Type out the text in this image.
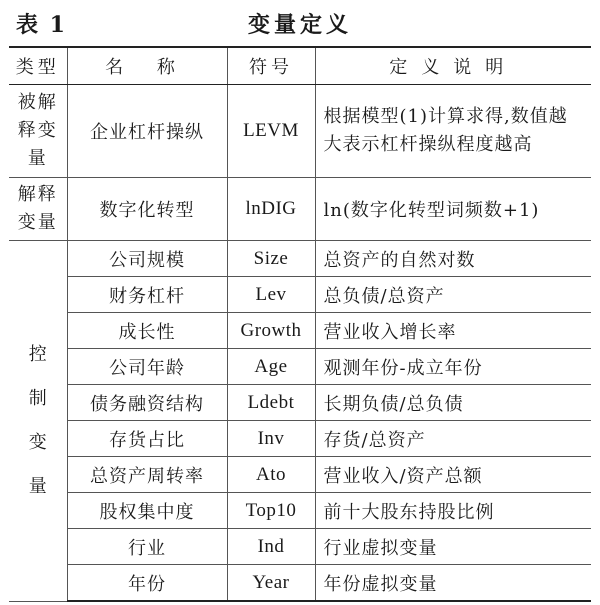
表 1	变量定义
类型	名 称	符号	定义说明
被解释变量	企业杠杆操纵	LEVM	根据模型(1)计算求得,数值越大表示杠杆操纵程度越高
解释变量	数字化转型	lnDIG	ln(数字化转型词频数+1)
控制变量	公司规模	Size	总资产的自然对数
	财务杠杆	Lev	总负债/总资产
	成长性	Growth	营业收入增长率
	公司年龄	Age	观测年份-成立年份
	债务融资结构	Ldebt	长期负债/总负债
	存货占比	Inv	存货/总资产
	总资产周转率	Ato	营业收入/资产总额
	股权集中度	Top10	前十大股东持股比例
	行业	Ind	行业虚拟变量
	年份	Year	年份虚拟变量
